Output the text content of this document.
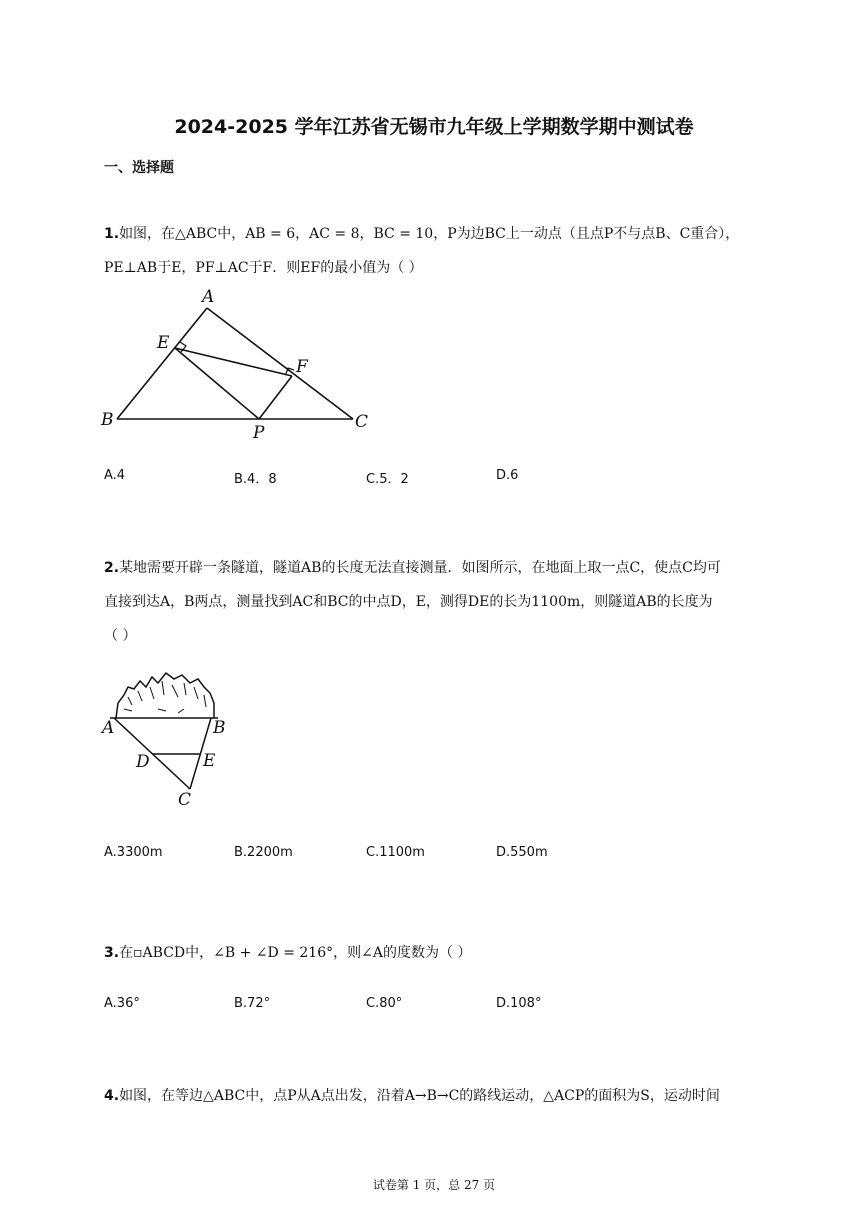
2024-2025 学年江苏省无锡市九年级上学期数学期中测试卷
一、选择题
1.如图，在△ABC中，AB = 6，AC = 8，BC = 10，P为边BC上一动点（且点P不与点B、C重合），
PE⊥AB于E，PF⊥AC于F．则EF的最小值为（ ）
A
E
F
B
P
C
A.4	B.4．8	C.5．2	D.6
2.某地需要开辟一条隧道，隧道AB的长度无法直接测量．如图所示，在地面上取一点C，使点C均可
直接到达A，B两点，测量找到AC和BC的中点D，E，测得DE的长为1100m，则隧道AB的长度为
（ ）
A	B
D	E
C
A.3300m	B.2200m	C.1100m	D.550m
3.在▫ABCD中，∠B + ∠D = 216°，则∠A的度数为（ ）
A.36°	B.72°	C.80°	D.108°
4.如图，在等边△ABC中，点P从A点出发，沿着A→B→C的路线运动，△ACP的面积为S，运动时间
试卷第 1 页，总 27 页
